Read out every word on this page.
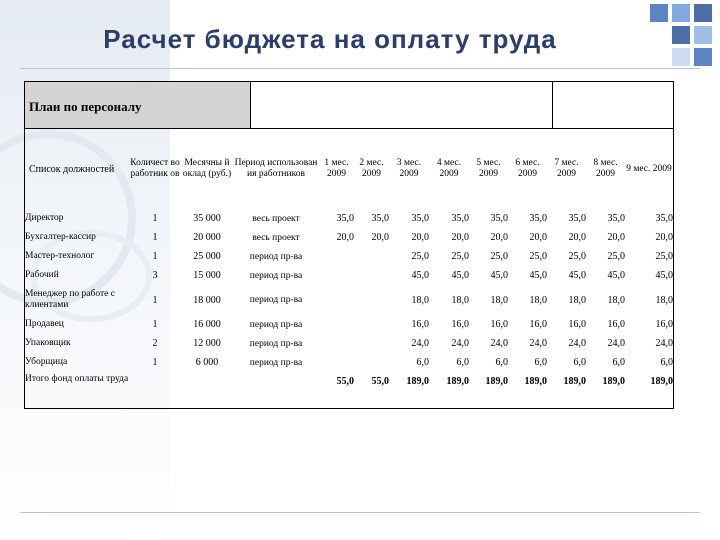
Расчет бюджета на оплату труда
План по персоналу
Список должностей	Количест во работник ов	Месячны й оклад (руб.)	Период использован ия работников	1 мес. 2009	2 мес. 2009	3 мес. 2009	4 мес. 2009	5 мес. 2009	6 мес. 2009	7 мес. 2009	8 мес. 2009	9 мес. 2009
Директор	1	35 000	весь проект	35,0	35,0	35,0	35,0	35,0	35,0	35,0	35,0	35,0
Бухгалтер-кассир	1	20 000	весь проект	20,0	20,0	20,0	20,0	20,0	20,0	20,0	20,0	20,0
Мастер-технолог	1	25 000	период пр-ва			25,0	25,0	25,0	25,0	25,0	25,0	25,0
Рабочий	3	15 000	период пр-ва			45,0	45,0	45,0	45,0	45,0	45,0	45,0
Менеджер по работе с клиентами	1	18 000	период пр-ва			18,0	18,0	18,0	18,0	18,0	18,0	18,0
Продавец	1	16 000	период пр-ва			16,0	16,0	16,0	16,0	16,0	16,0	16,0
Упаковщик	2	12 000	период пр-ва			24,0	24,0	24,0	24,0	24,0	24,0	24,0
Уборщица	1	6 000	период пр-ва			6,0	6,0	6,0	6,0	6,0	6,0	6,0
Итого фонд оплаты труда				55,0	55,0	189,0	189,0	189,0	189,0	189,0	189,0	189,0
